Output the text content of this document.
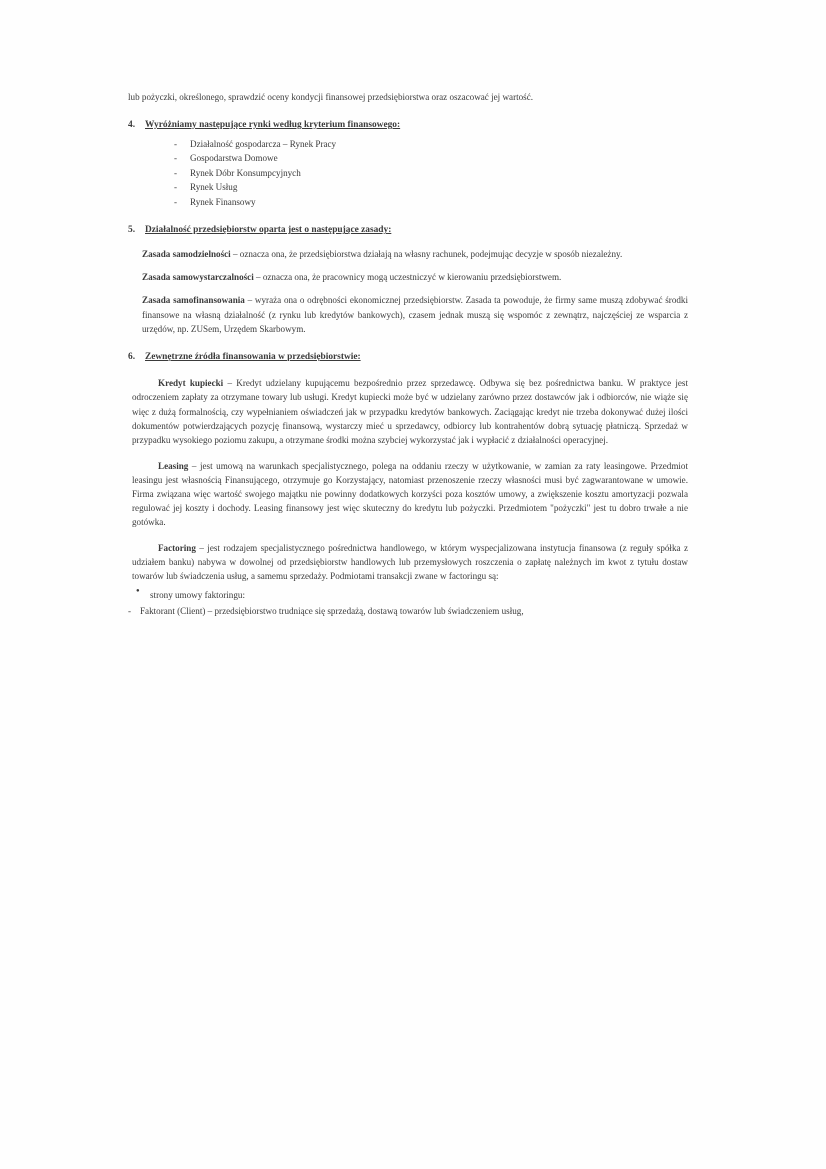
lub pożyczki, określonego, sprawdzić oceny kondycji finansowej przedsiębiorstwa oraz oszacować jej wartość.

4.	Wyróżniamy następujące rynki według kryterium finansowego:
- Działalność gospodarcza – Rynek Pracy
- Gospodarstwa Domowe
- Rynek Dóbr Konsumpcyjnych
- Rynek Usług
- Rynek Finansowy
5.	Działalność przedsiębiorstw oparta jest o następujące zasady:

Zasada samodzielności – oznacza ona, że przedsiębiorstwa działają na własny rachunek, podejmując decyzje w sposób niezależny.

Zasada samowystarczalności – oznacza ona, że pracownicy mogą uczestniczyć w kierowaniu przedsiębiorstwem.

Zasada samofinansowania – wyraża ona o odrębności ekonomicznej przedsiębiorstw. Zasada ta powoduje, że firmy same muszą zdobywać środki finansowe na własną działalność (z rynku lub kredytów bankowych), czasem jednak muszą się wspomóc z zewnątrz, najczęściej ze wsparcia z urzędów, np. ZUSem, Urzędem Skarbowym.

6.	Zewnętrzne źródła finansowania w przedsiębiorstwie:

Kredyt kupiecki – Kredyt udzielany kupującemu bezpośrednio przez sprzedawcę. Odbywa się bez pośrednictwa banku. W praktyce jest odroczeniem zapłaty za otrzymane towary lub usługi. Kredyt kupiecki może być w udzielany zarówno przez dostawców jak i odbiorców, nie wiąże się więc z dużą formalnością, czy wypełnianiem oświadczeń jak w przypadku kredytów bankowych. Zaciągając kredyt nie trzeba dokonywać dużej ilości dokumentów potwierdzających pozycję finansową, wystarczy mieć u sprzedawcy, odbiorcy lub kontrahentów dobrą sytuację płatniczą. Sprzedaż w przypadku wysokiego poziomu zakupu, a otrzymane środki można szybciej wykorzystać jak i wypłacić z działalności operacyjnej.

Leasing – jest umową na warunkach specjalistycznego, polega na oddaniu rzeczy w użytkowanie, w zamian za raty leasingowe. Przedmiot leasingu jest własnością Finansującego, otrzymuje go Korzystający, natomiast przenoszenie rzeczy własności musi być zagwarantowane w umowie. Firma związana więc wartość swojego majątku nie powinny dodatkowych korzyści poza kosztów umowy, a zwiększenie kosztu amortyzacji pozwala regulować jej koszty i dochody. Leasing finansowy jest więc skuteczny do kredytu lub pożyczki. Przedmiotem "pożyczki" jest tu dobro trwałe a nie gotówka.

Factoring – jest rodzajem specjalistycznego pośrednictwa handlowego, w którym wyspecjalizowana instytucja finansowa (z reguły spółka z udziałem banku) nabywa w dowolnej od przedsiębiorstw handlowych lub przemysłowych roszczenia o zapłatę należnych im kwot z tytułu dostaw towarów lub świadczenia usług, a samemu sprzedaży. Podmiotami transakcji zwane w factoringu są:

● strony umowy faktoringu:
- Faktorant (Client) – przedsiębiorstwo trudniące się sprzedażą, dostawą towarów lub świadczeniem usług,
